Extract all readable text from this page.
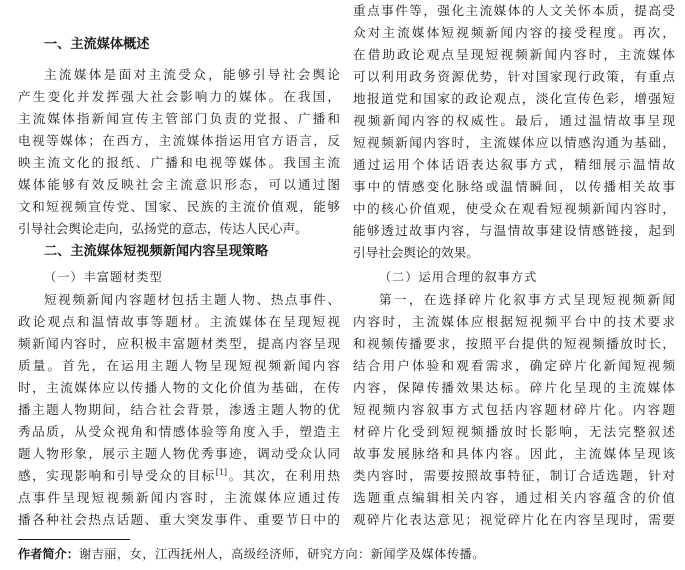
一、主流媒体概述
主流媒体是面对主流受众，能够引导社会舆论
产生变化并发挥强大社会影响力的媒体。在我国，
主流媒体指新闻宣传主管部门负责的党报、广播和
电视等媒体；在西方，主流媒体指运用官方语言，反
映主流文化的报纸、广播和电视等媒体。我国主流
媒体能够有效反映社会主流意识形态，可以通过图
文和短视频宣传党、国家、民族的主流价值观，能够
引导社会舆论走向，弘扬党的意志，传达人民心声。
二、主流媒体短视频新闻内容呈现策略
（一）丰富题材类型
短视频新闻内容题材包括主题人物、热点事件、
政论观点和温情故事等题材。主流媒体在呈现短视
频新闻内容时，应积极丰富题材类型，提高内容呈现
质量。首先，在运用主题人物呈现短视频新闻内容
时，主流媒体应以传播人物的文化价值为基础，在传
播主题人物期间，结合社会背景，渗透主题人物的优
秀品质，从受众视角和情感体验等角度入手，塑造主
题人物形象，展示主题人物优秀事迹，调动受众认同
感，实现影响和引导受众的目标[1]。其次，在利用热
点事件呈现短视频新闻内容时，主流媒体应通过传
播各种社会热点话题、重大突发事件、重要节日中的
重点事件等，强化主流媒体的人文关怀本质，提高受
众对主流媒体短视频新闻内容的接受程度。再次，
在借助政论观点呈现短视频新闻内容时，主流媒体
可以利用政务资源优势，针对国家现行政策，有重点
地报道党和国家的政论观点，淡化宣传色彩，增强短
视频新闻内容的权威性。最后，通过温情故事呈现
短视频新闻内容时，主流媒体应以情感沟通为基础，
通过运用个体话语表达叙事方式，精细展示温情故
事中的情感变化脉络或温情瞬间，以传播相关故事
中的核心价值观，使受众在观看短视频新闻内容时，
能够透过故事内容，与温情故事建设情感链接，起到
引导社会舆论的效果。
（二）运用合理的叙事方式
第一，在选择碎片化叙事方式呈现短视频新闻
内容时，主流媒体应根据短视频平台中的技术要求
和视频传播要求，按照平台提供的短视频播放时长，
结合用户体验和观看需求，确定碎片化新闻短视频
内容，保障传播效果达标。碎片化呈现的主流媒体
短视频内容叙事方式包括内容题材碎片化。内容题
材碎片化受到短视频播放时长影响，无法完整叙述
故事发展脉络和具体内容。因此，主流媒体呈现该
类内容时，需要按照故事特征，制订合适选题，针对
选题重点编辑相关内容，通过相关内容蕴含的价值
观碎片化表达意见；视觉碎片化在内容呈现时，需要
作者简介：谢吉丽，女，江西抚州人，高级经济师，研究方向：新闻学及媒体传播。
